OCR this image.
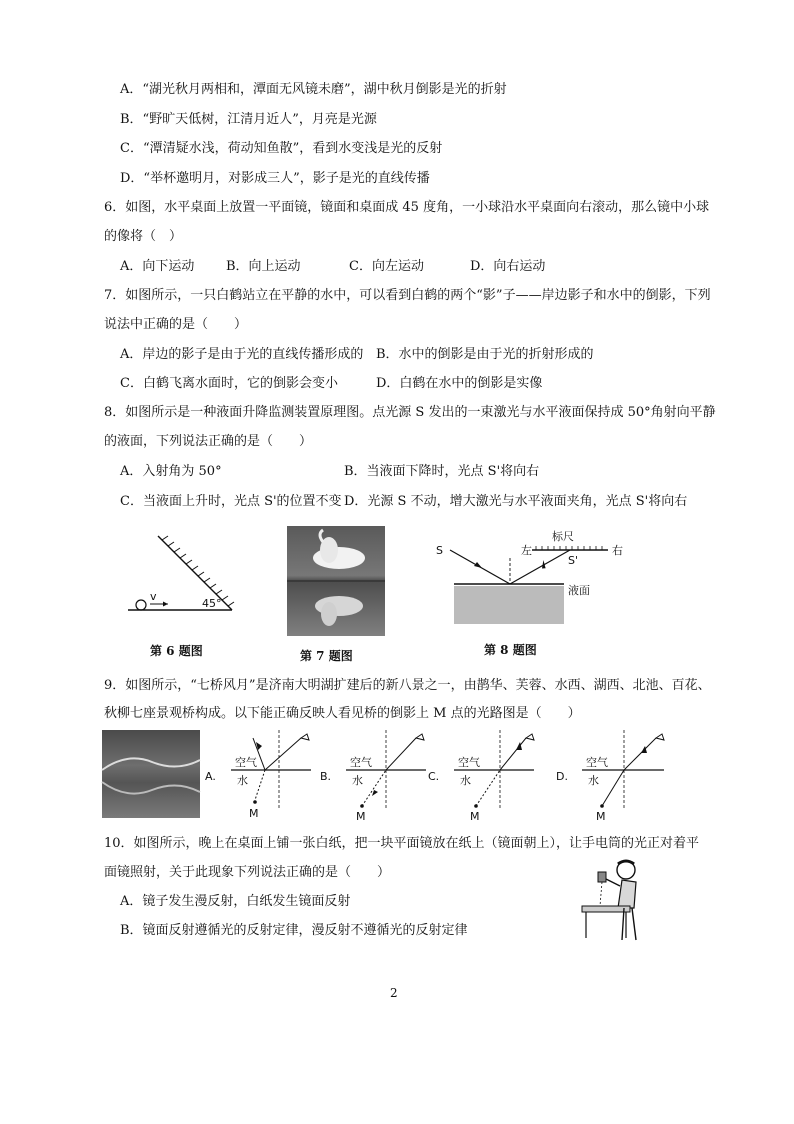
A．“湖光秋月两相和，潭面无风镜未磨”，湖中秋月倒影是光的折射
B．“野旷天低树，江清月近人”，月亮是光源
C．“潭清疑水浅，荷动知鱼散”，看到水变浅是光的反射
D．“举杯邀明月，对影成三人”，影子是光的直线传播
6．如图，水平桌面上放置一平面镜，镜面和桌面成 45 度角，一小球沿水平桌面向右滚动，那么镜中小球
的像将（　）
A．向下运动 B．向上运动	C．向左运动	D．向右运动
7．如图所示，一只白鹤站立在平静的水中，可以看到白鹤的两个“影”子——岸边影子和水中的倒影，下列
说法中正确的是（　　）
A．岸边的影子是由于光的直线传播形成的 B．水中的倒影是由于光的折射形成的
C．白鹤飞离水面时，它的倒影会变小	D．白鹤在水中的倒影是实像
8．如图所示是一种液面升降监测装置原理图。点光源 S 发出的一束激光与水平液面保持成 50°角射向平静
的液面，下列说法正确的是（　　）
A．入射角为 50°	B．当液面下降时，光点 S'将向右
C．当液面上升时，光点 S'的位置不变 D．光源 S 不动，增大激光与水平液面夹角，光点 S'将向右
v
45°
第 6 题图	第 7 题图
S	左
标尺
右
S'
液面
第 8 题图
9．如图所示，“七桥风月”是济南大明湖扩建后的新八景之一，由鹊华、芙蓉、水西、湖西、北池、百花、
秋柳七座景观桥构成。以下能正确反映人看见桥的倒影上 M 点的光路图是（　　）
A.
空气
水
M
B.
空气
水
M
C.
空气
水
M
D.
空气
水
M
10．如图所示，晚上在桌面上铺一张白纸，把一块平面镜放在纸上（镜面朝上），让手电筒的光正对着平
面镜照射，关于此现象下列说法正确的是（　　）
A．镜子发生漫反射，白纸发生镜面反射
B．镜面反射遵循光的反射定律，漫反射不遵循光的反射定律
2
